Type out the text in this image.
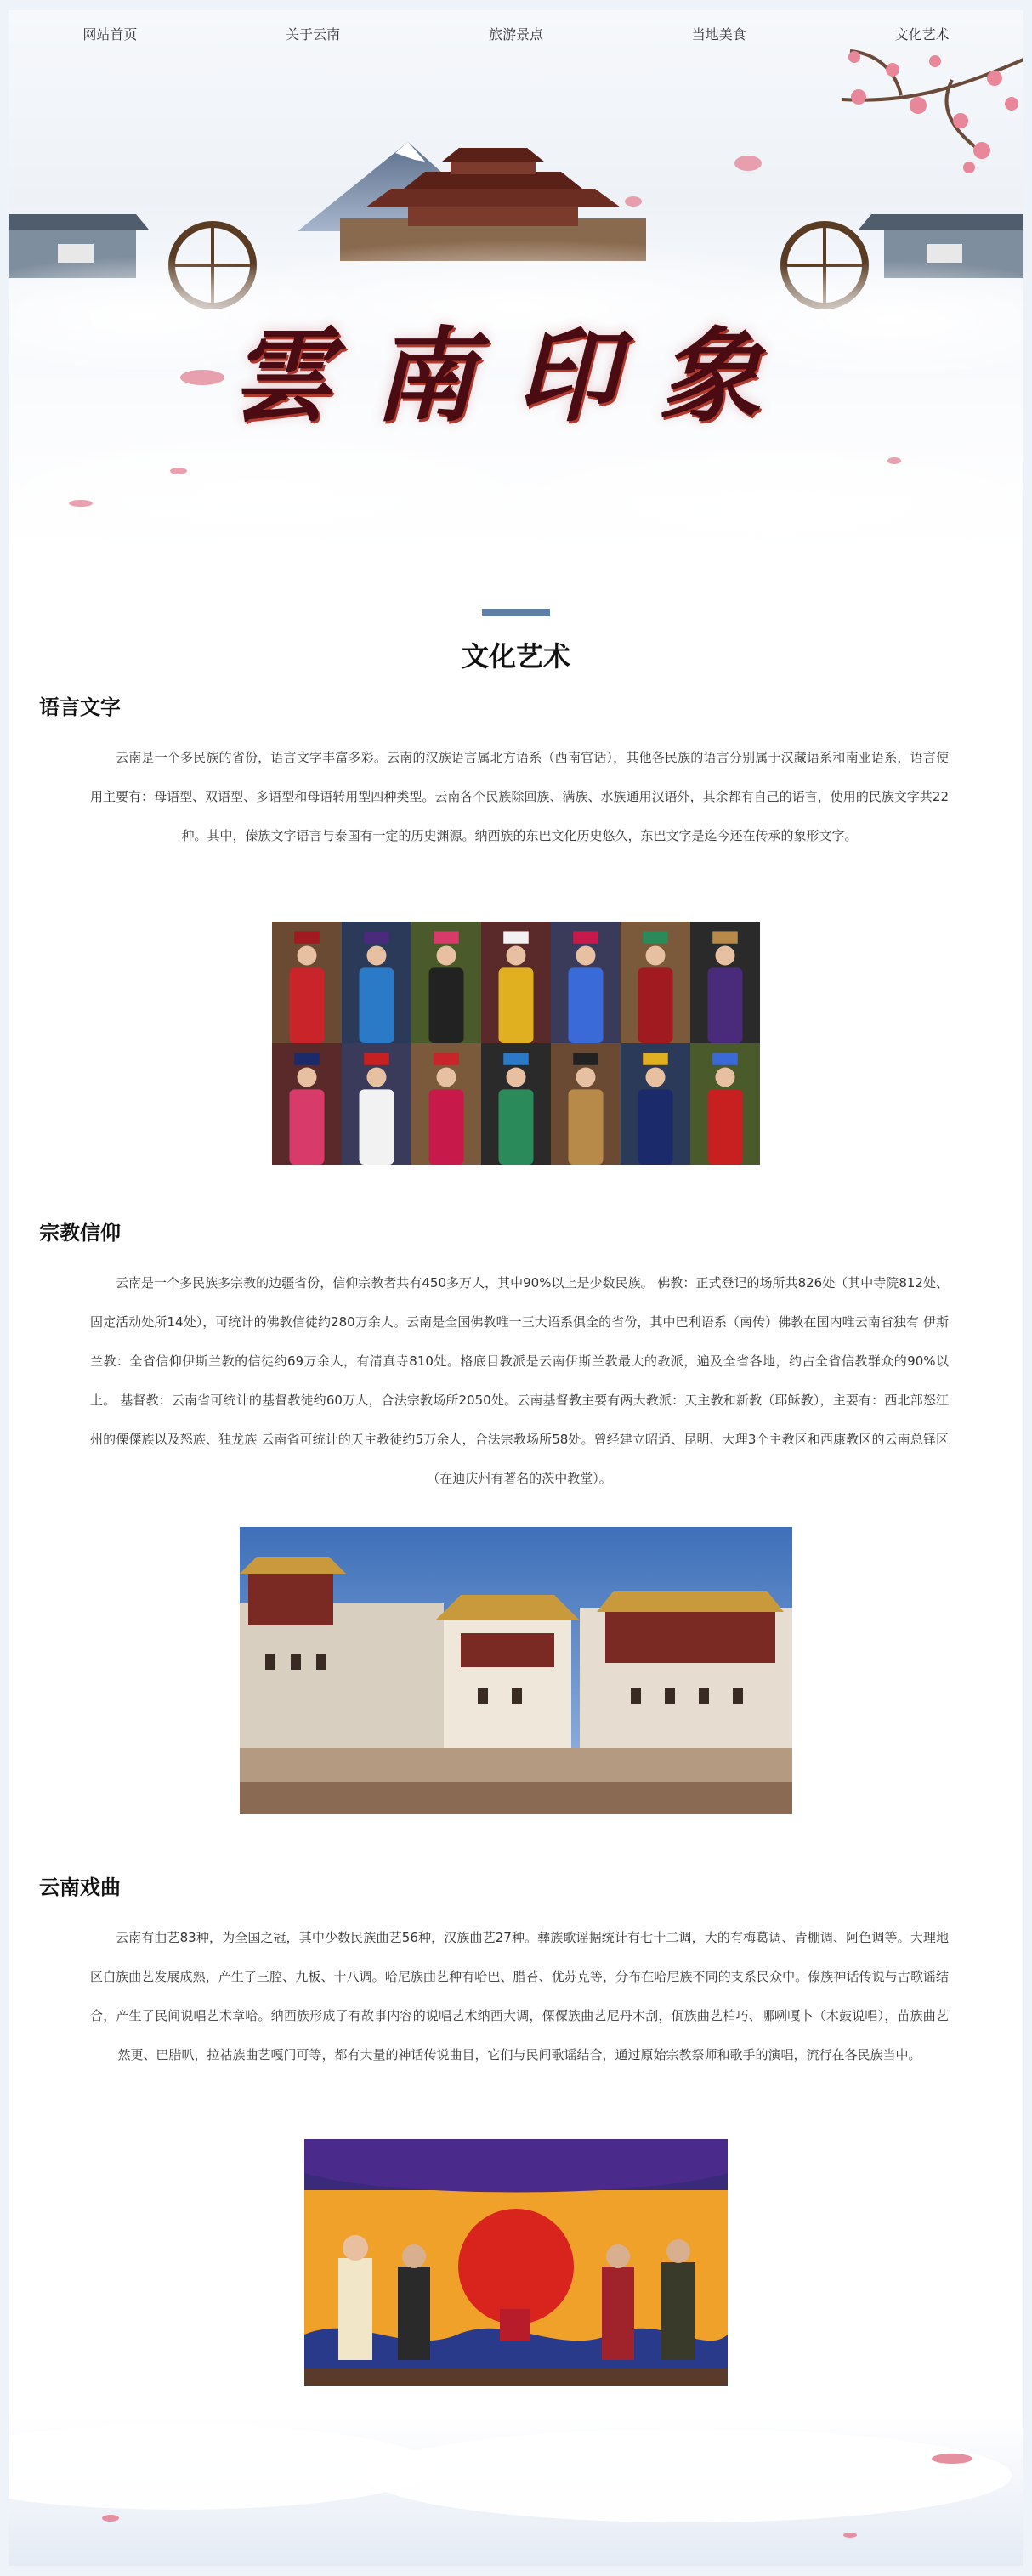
雲南印象
网站首页	关于云南	旅游景点	当地美食	文化艺术
文化艺术
语言文字

云南是一个多民族的省份，语言文字丰富多彩。云南的汉族语言属北方语系（西南官话），其他各民族的语言分别属于汉藏语系和南亚语系，语言使用主要有：母语型、双语型、多语型和母语转用型四种类型。云南各个民族除回族、满族、水族通用汉语外，其余都有自己的语言，使用的民族文字共22种。其中，傣族文字语言与泰国有一定的历史渊源。纳西族的东巴文化历史悠久，东巴文字是迄今还在传承的象形文字。

宗教信仰

云南是一个多民族多宗教的边疆省份，信仰宗教者共有450多万人，其中90%以上是少数民族。 佛教：正式登记的场所共826处（其中寺院812处、固定活动处所14处），可统计的佛教信徒约280万余人。云南是全国佛教唯一三大语系俱全的省份，其中巴利语系（南传）佛教在国内唯云南省独有 伊斯兰教：全省信仰伊斯兰教的信徒约69万余人，有清真寺810处。格底目教派是云南伊斯兰教最大的教派，遍及全省各地，约占全省信教群众的90%以上。 基督教：云南省可统计的基督教徒约60万人，合法宗教场所2050处。云南基督教主要有两大教派：天主教和新教（耶稣教），主要有：西北部怒江州的傈僳族以及怒族、独龙族 云南省可统计的天主教徒约5万余人，合法宗教场所58处。曾经建立昭通、昆明、大理3个主教区和西康教区的云南总铎区（在迪庆州有著名的茨中教堂）。

云南戏曲

云南有曲艺83种，为全国之冠，其中少数民族曲艺56种，汉族曲艺27种。彝族歌谣据统计有七十二调，大的有梅葛调、青棚调、阿色调等。大理地区白族曲艺发展成熟，产生了三腔、九板、十八调。哈尼族曲艺种有哈巴、腊苔、优苏克等，分布在哈尼族不同的支系民众中。傣族神话传说与古歌谣结合，产生了民间说唱艺术章哈。纳西族形成了有故事内容的说唱艺术纳西大调，傈僳族曲艺尼丹木刮，佤族曲艺柏巧、哪咧嘎卜（木鼓说唱），苗族曲艺然更、巴腊叭，拉祜族曲艺嘎门可等，都有大量的神话传说曲目，它们与民间歌谣结合，通过原始宗教祭师和歌手的演唱，流行在各民族当中。
